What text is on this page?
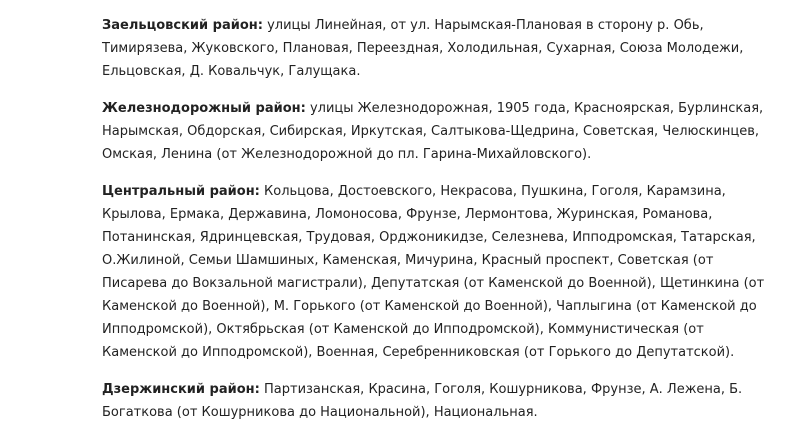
Заельцовский район: улицы Линейная, от ул. Нарымская-Плановая в сторону р. Обь,
Тимирязева, Жуковского, Плановая, Переездная, Холодильная, Сухарная, Союза Молодежи,
Ельцовская, Д. Ковальчук, Галущака.

Железнодорожный район: улицы Железнодорожная, 1905 года, Красноярская, Бурлинская,
Нарымская, Обдорская, Сибирская, Иркутская, Салтыкова-Щедрина, Советская, Челюскинцев,
Омская, Ленина (от Железнодорожной до пл. Гарина-Михайловского).

Центральный район: Кольцова, Достоевского, Некрасова, Пушкина, Гоголя, Карамзина,
Крылова, Ермака, Державина, Ломоносова, Фрунзе, Лермонтова, Журинская, Романова,
Потанинская, Ядринцевская, Трудовая, Орджоникидзе, Селезнева, Ипподромская, Татарская,
О.Жилиной, Семьи Шамшиных, Каменская, Мичурина, Красный проспект, Советская (от
Писарева до Вокзальной магистрали), Депутатская (от Каменской до Военной), Щетинкина (от
Каменской до Военной), М. Горького (от Каменской до Военной), Чаплыгина (от Каменской до
Ипподромской), Октябрьская (от Каменской до Ипподромской), Коммунистическая (от
Каменской до Ипподромской), Военная, Серебренниковская (от Горького до Депутатской).

Дзержинский район: Партизанская, Красина, Гоголя, Кошурникова, Фрунзе, А. Лежена, Б.
Богаткова (от Кошурникова до Национальной), Национальная.
